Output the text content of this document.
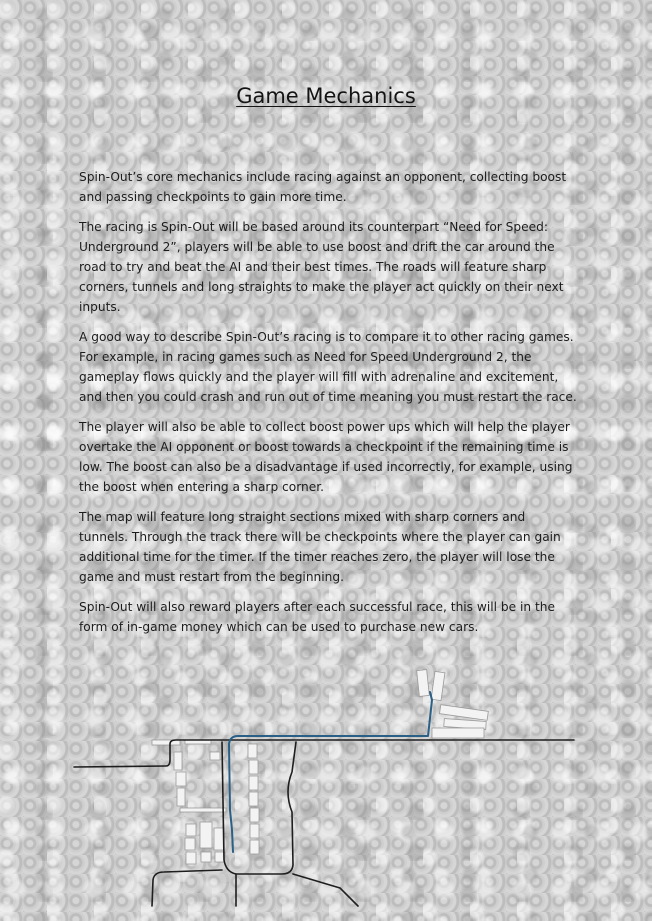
Game Mechanics

Spin-Out’s core mechanics include racing against an opponent, collecting boost and passing checkpoints to gain more time.

The racing is Spin-Out will be based around its counterpart “Need for Speed: Underground 2”, players will be able to use boost and drift the car around the road to try and beat the AI and their best times. The roads will feature sharp corners, tunnels and long straights to make the player act quickly on their next inputs.

A good way to describe Spin-Out’s racing is to compare it to other racing games. For example, in racing games such as Need for Speed Underground 2, the gameplay flows quickly and the player will fill with adrenaline and excitement, and then you could crash and run out of time meaning you must restart the race.

The player will also be able to collect boost power ups which will help the player overtake the AI opponent or boost towards a checkpoint if the remaining time is low. The boost can also be a disadvantage if used incorrectly, for example, using the boost when entering a sharp corner.

The map will feature long straight sections mixed with sharp corners and tunnels. Through the track there will be checkpoints where the player can gain additional time for the timer. If the timer reaches zero, the player will lose the game and must restart from the beginning.

Spin-Out will also reward players after each successful race, this will be in the form of in-game money which can be used to purchase new cars.
